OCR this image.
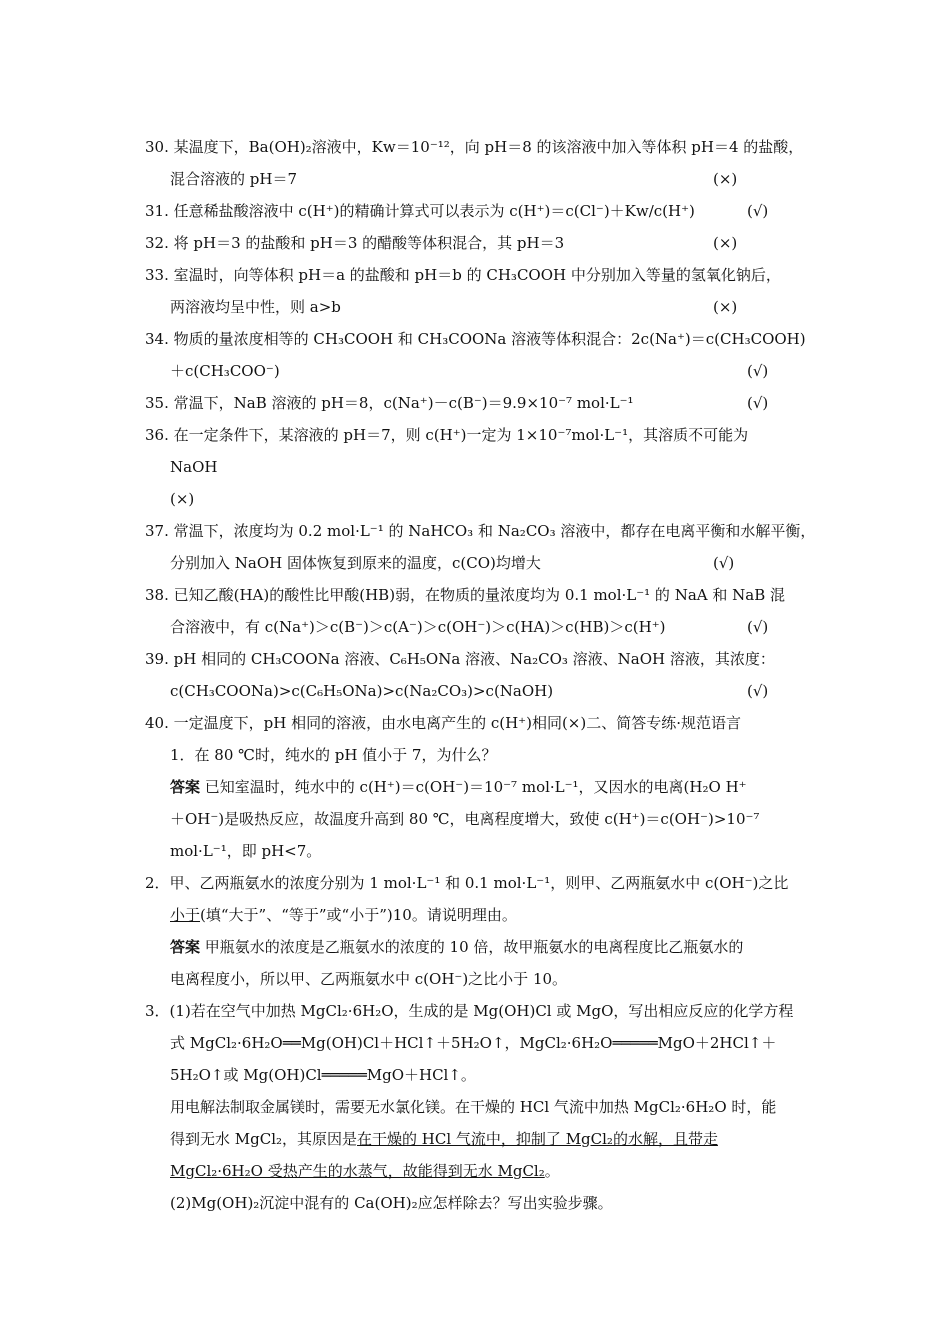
30. 某温度下，Ba(OH)₂溶液中，Kw＝10⁻¹²，向 pH＝8 的该溶液中加入等体积 pH＝4 的盐酸，
混合溶液的 pH＝7	(×)
31. 任意稀盐酸溶液中 c(H⁺)的精确计算式可以表示为 c(H⁺)＝c(Cl⁻)＋Kw/c(H⁺)	(√)
32. 将 pH＝3 的盐酸和 pH＝3 的醋酸等体积混合，其 pH＝3	(×)
33. 室温时，向等体积 pH＝a 的盐酸和 pH＝b 的 CH₃COOH 中分别加入等量的氢氧化钠后，
两溶液均呈中性，则 a>b	(×)
34. 物质的量浓度相等的 CH₃COOH 和 CH₃COONa 溶液等体积混合：2c(Na⁺)＝c(CH₃COOH)
＋c(CH₃COO⁻)	(√)
35. 常温下，NaB 溶液的 pH＝8，c(Na⁺)－c(B⁻)＝9.9×10⁻⁷ mol·L⁻¹	(√)
36. 在一定条件下，某溶液的 pH＝7，则 c(H⁺)一定为 1×10⁻⁷mol·L⁻¹，其溶质不可能为
NaOH
(×)
37. 常温下，浓度均为 0.2 mol·L⁻¹ 的 NaHCO₃ 和 Na₂CO₃ 溶液中，都存在电离平衡和水解平衡，
分别加入 NaOH 固体恢复到原来的温度，c(CO)均增大	(√)
38. 已知乙酸(HA)的酸性比甲酸(HB)弱，在物质的量浓度均为 0.1 mol·L⁻¹ 的 NaA 和 NaB 混
合溶液中，有 c(Na⁺)＞c(B⁻)＞c(A⁻)＞c(OH⁻)＞c(HA)＞c(HB)＞c(H⁺)	(√)
39. pH 相同的 CH₃COONa 溶液、C₆H₅ONa 溶液、Na₂CO₃ 溶液、NaOH 溶液，其浓度：
c(CH₃COONa)>c(C₆H₅ONa)>c(Na₂CO₃)>c(NaOH)	(√)
40. 一定温度下，pH 相同的溶液，由水电离产生的 c(H⁺)相同(×)二、简答专练·规范语言
1．在 80 ℃时，纯水的 pH 值小于 7，为什么？
答案 已知室温时，纯水中的 c(H⁺)＝c(OH⁻)＝10⁻⁷ mol·L⁻¹，又因水的电离(H₂O H⁺
＋OH⁻)是吸热反应，故温度升高到 80 ℃，电离程度增大，致使 c(H⁺)＝c(OH⁻)>10⁻⁷
mol·L⁻¹，即 pH<7。
2．甲、乙两瓶氨水的浓度分别为 1 mol·L⁻¹ 和 0.1 mol·L⁻¹，则甲、乙两瓶氨水中 c(OH⁻)之比
小于(填“大于”、“等于”或“小于”)10。请说明理由。
答案 甲瓶氨水的浓度是乙瓶氨水的浓度的 10 倍，故甲瓶氨水的电离程度比乙瓶氨水的
电离程度小，所以甲、乙两瓶氨水中 c(OH⁻)之比小于 10。
3．(1)若在空气中加热 MgCl₂·6H₂O，生成的是 Mg(OH)Cl 或 MgO，写出相应反应的化学方程
式 MgCl₂·6H₂O══Mg(OH)Cl＋HCl↑＋5H₂O↑，MgCl₂·6H₂O═════MgO＋2HCl↑＋
5H₂O↑或 Mg(OH)Cl═════MgO＋HCl↑。
用电解法制取金属镁时，需要无水氯化镁。在干燥的 HCl 气流中加热 MgCl₂·6H₂O 时，能
得到无水 MgCl₂，其原因是在干燥的 HCl 气流中，抑制了 MgCl₂的水解，且带走
MgCl₂·6H₂O 受热产生的水蒸气，故能得到无水 MgCl₂。
(2)Mg(OH)₂沉淀中混有的 Ca(OH)₂应怎样除去？写出实验步骤。
